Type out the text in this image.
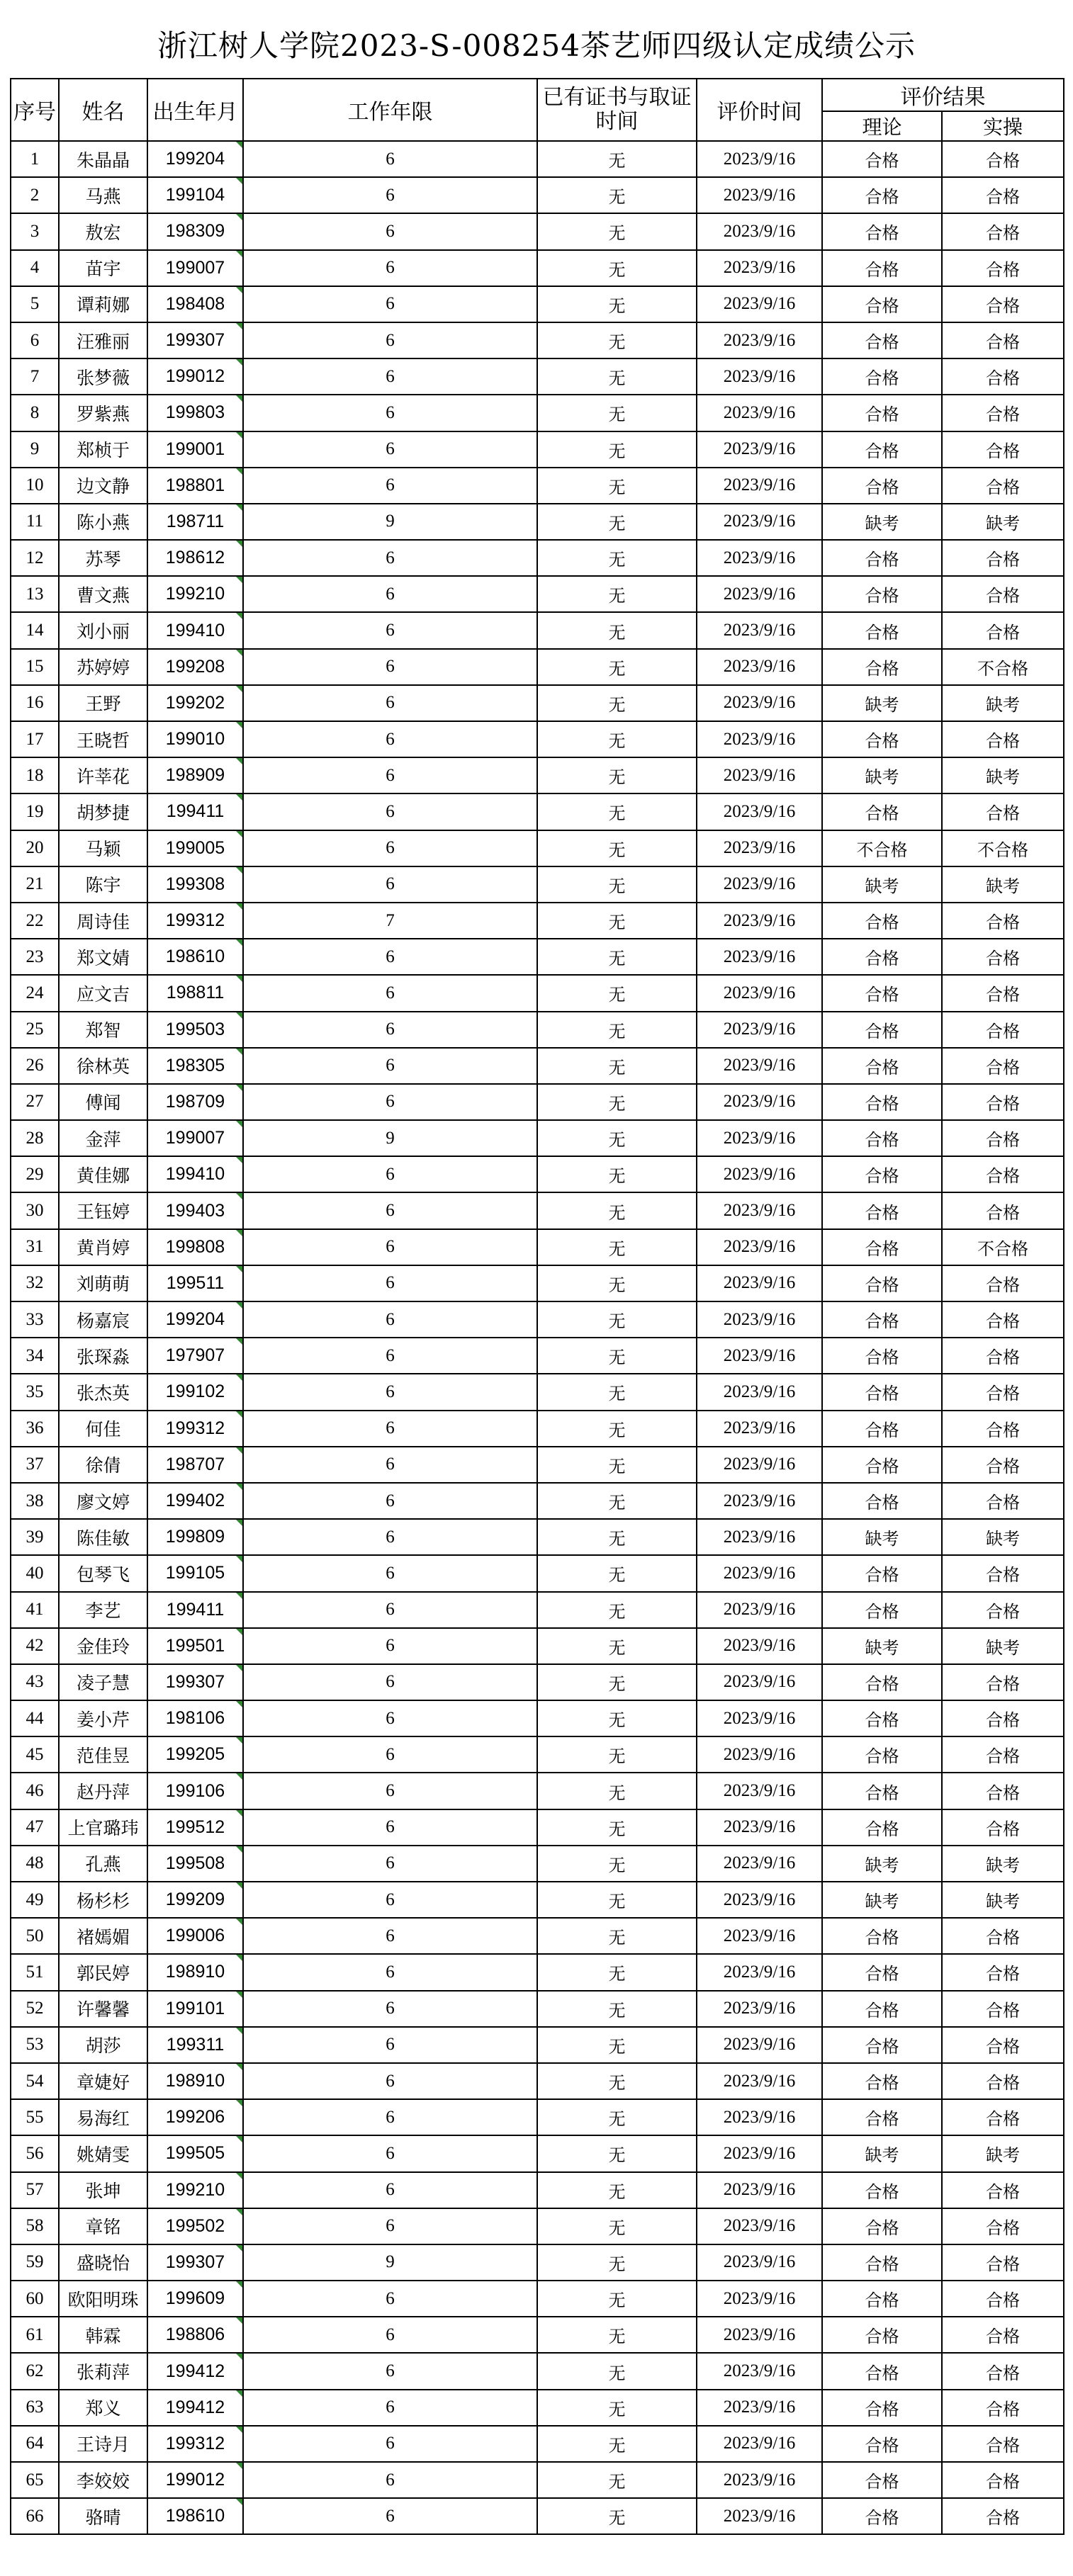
浙江树人学院2023-S-008254茶艺师四级认定成绩公示
序号	姓名	出生年月	工作年限	已有证书与取证时间	评价时间	评价结果	
						理论	实操
1	朱晶晶	199204	6	无	2023/9/16	合格	合格
2	马燕	199104	6	无	2023/9/16	合格	合格
3	敖宏	198309	6	无	2023/9/16	合格	合格
4	苗宇	199007	6	无	2023/9/16	合格	合格
5	谭莉娜	198408	6	无	2023/9/16	合格	合格
6	汪雅丽	199307	6	无	2023/9/16	合格	合格
7	张梦薇	199012	6	无	2023/9/16	合格	合格
8	罗紫燕	199803	6	无	2023/9/16	合格	合格
9	郑桢于	199001	6	无	2023/9/16	合格	合格
10	边文静	198801	6	无	2023/9/16	合格	合格
11	陈小燕	198711	9	无	2023/9/16	缺考	缺考
12	苏琴	198612	6	无	2023/9/16	合格	合格
13	曹文燕	199210	6	无	2023/9/16	合格	合格
14	刘小丽	199410	6	无	2023/9/16	合格	合格
15	苏婷婷	199208	6	无	2023/9/16	合格	不合格
16	王野	199202	6	无	2023/9/16	缺考	缺考
17	王晓哲	199010	6	无	2023/9/16	合格	合格
18	许莘花	198909	6	无	2023/9/16	缺考	缺考
19	胡梦捷	199411	6	无	2023/9/16	合格	合格
20	马颖	199005	6	无	2023/9/16	不合格	不合格
21	陈宇	199308	6	无	2023/9/16	缺考	缺考
22	周诗佳	199312	7	无	2023/9/16	合格	合格
23	郑文婧	198610	6	无	2023/9/16	合格	合格
24	应文吉	198811	6	无	2023/9/16	合格	合格
25	郑智	199503	6	无	2023/9/16	合格	合格
26	徐林英	198305	6	无	2023/9/16	合格	合格
27	傅闻	198709	6	无	2023/9/16	合格	合格
28	金萍	199007	9	无	2023/9/16	合格	合格
29	黄佳娜	199410	6	无	2023/9/16	合格	合格
30	王钰婷	199403	6	无	2023/9/16	合格	合格
31	黄肖婷	199808	6	无	2023/9/16	合格	不合格
32	刘萌萌	199511	6	无	2023/9/16	合格	合格
33	杨嘉宸	199204	6	无	2023/9/16	合格	合格
34	张琛淼	197907	6	无	2023/9/16	合格	合格
35	张杰英	199102	6	无	2023/9/16	合格	合格
36	何佳	199312	6	无	2023/9/16	合格	合格
37	徐倩	198707	6	无	2023/9/16	合格	合格
38	廖文婷	199402	6	无	2023/9/16	合格	合格
39	陈佳敏	199809	6	无	2023/9/16	缺考	缺考
40	包琴飞	199105	6	无	2023/9/16	合格	合格
41	李艺	199411	6	无	2023/9/16	合格	合格
42	金佳玲	199501	6	无	2023/9/16	缺考	缺考
43	凌子慧	199307	6	无	2023/9/16	合格	合格
44	姜小芹	198106	6	无	2023/9/16	合格	合格
45	范佳昱	199205	6	无	2023/9/16	合格	合格
46	赵丹萍	199106	6	无	2023/9/16	合格	合格
47	上官璐玮	199512	6	无	2023/9/16	合格	合格
48	孔燕	199508	6	无	2023/9/16	缺考	缺考
49	杨杉杉	199209	6	无	2023/9/16	缺考	缺考
50	褚嫣媚	199006	6	无	2023/9/16	合格	合格
51	郭民婷	198910	6	无	2023/9/16	合格	合格
52	许馨馨	199101	6	无	2023/9/16	合格	合格
53	胡莎	199311	6	无	2023/9/16	合格	合格
54	章婕好	198910	6	无	2023/9/16	合格	合格
55	易海红	199206	6	无	2023/9/16	合格	合格
56	姚婧雯	199505	6	无	2023/9/16	缺考	缺考
57	张坤	199210	6	无	2023/9/16	合格	合格
58	章铭	199502	6	无	2023/9/16	合格	合格
59	盛晓怡	199307	9	无	2023/9/16	合格	合格
60	欧阳明珠	199609	6	无	2023/9/16	合格	合格
61	韩霖	198806	6	无	2023/9/16	合格	合格
62	张莉萍	199412	6	无	2023/9/16	合格	合格
63	郑义	199412	6	无	2023/9/16	合格	合格
64	王诗月	199312	6	无	2023/9/16	合格	合格
65	李姣姣	199012	6	无	2023/9/16	合格	合格
66	骆晴	198610	6	无	2023/9/16	合格	合格
